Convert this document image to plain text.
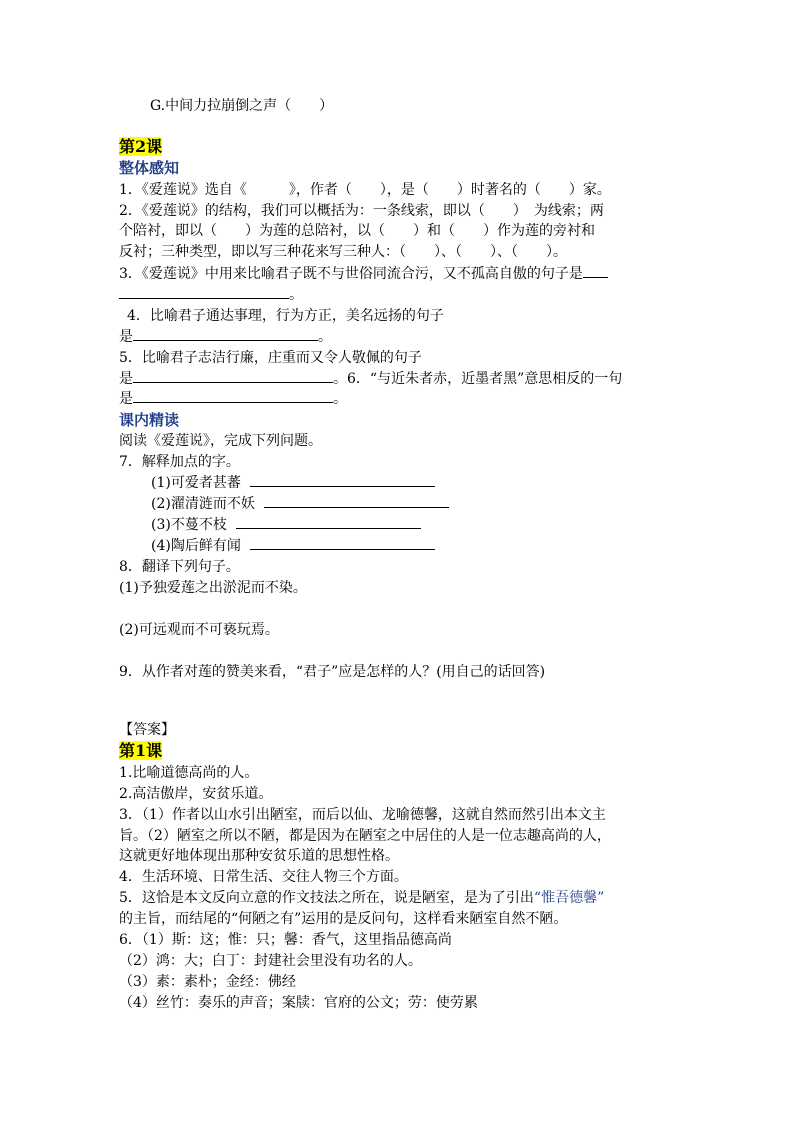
G.中间力拉崩倒之声（　　）
第2课
整体感知
1．《爱莲说》选自《　　　》，作者（　　），是（　　）时著名的（　　）家。
2．《爱莲说》的结构，我们可以概括为：一条线索，即以（　　）　为线索；两
个陪衬，即以（　　）为莲的总陪衬，以（　　）和（　　）作为莲的旁衬和
反衬；三种类型，即以写三种花来写三种人：（　　）、（　　）、（　　）。
3．《爱莲说》中用来比喻君子既不与世俗同流合污，又不孤高自傲的句子是
。
4．比喻君子通达事理，行为方正，美名远扬的句子
是	。
5．比喻君子志洁行廉，庄重而又令人敬佩的句子
是	。6．“与近朱者赤，近墨者黑”意思相反的一句
是	。
课内精读
阅读《爱莲说》，完成下列问题。
7．解释加点的字。
(1)可爱者甚蕃
(2)濯清涟而不妖
(3)不蔓不枝
(4)陶后鲜有闻
8．翻译下列句子。
(1)予独爱莲之出淤泥而不染。
(2)可远观而不可亵玩焉。
9．从作者对莲的赞美来看，“君子”应是怎样的人？(用自己的话回答)
【答案】
第1课
1.比喻道德高尚的人。
2.高洁傲岸，安贫乐道。
3．（1）作者以山水引出陋室，而后以仙、龙喻德馨，这就自然而然引出本文主
旨。（2）陋室之所以不陋，都是因为在陋室之中居住的人是一位志趣高尚的人，
这就更好地体现出那种安贫乐道的思想性格。
4．生活环境、日常生活、交往人物三个方面。
5．这恰是本文反向立意的作文技法之所在，说是陋室，是为了引出“惟吾德馨”
的主旨，而结尾的“何陋之有”运用的是反问句，这样看来陋室自然不陋。
6．（1）斯：这；惟：只；馨：香气，这里指品德高尚
（2）鸿：大；白丁：封建社会里没有功名的人。
（3）素：素朴；金经：佛经
（4）丝竹：奏乐的声音；案牍：官府的公文；劳：使劳累
